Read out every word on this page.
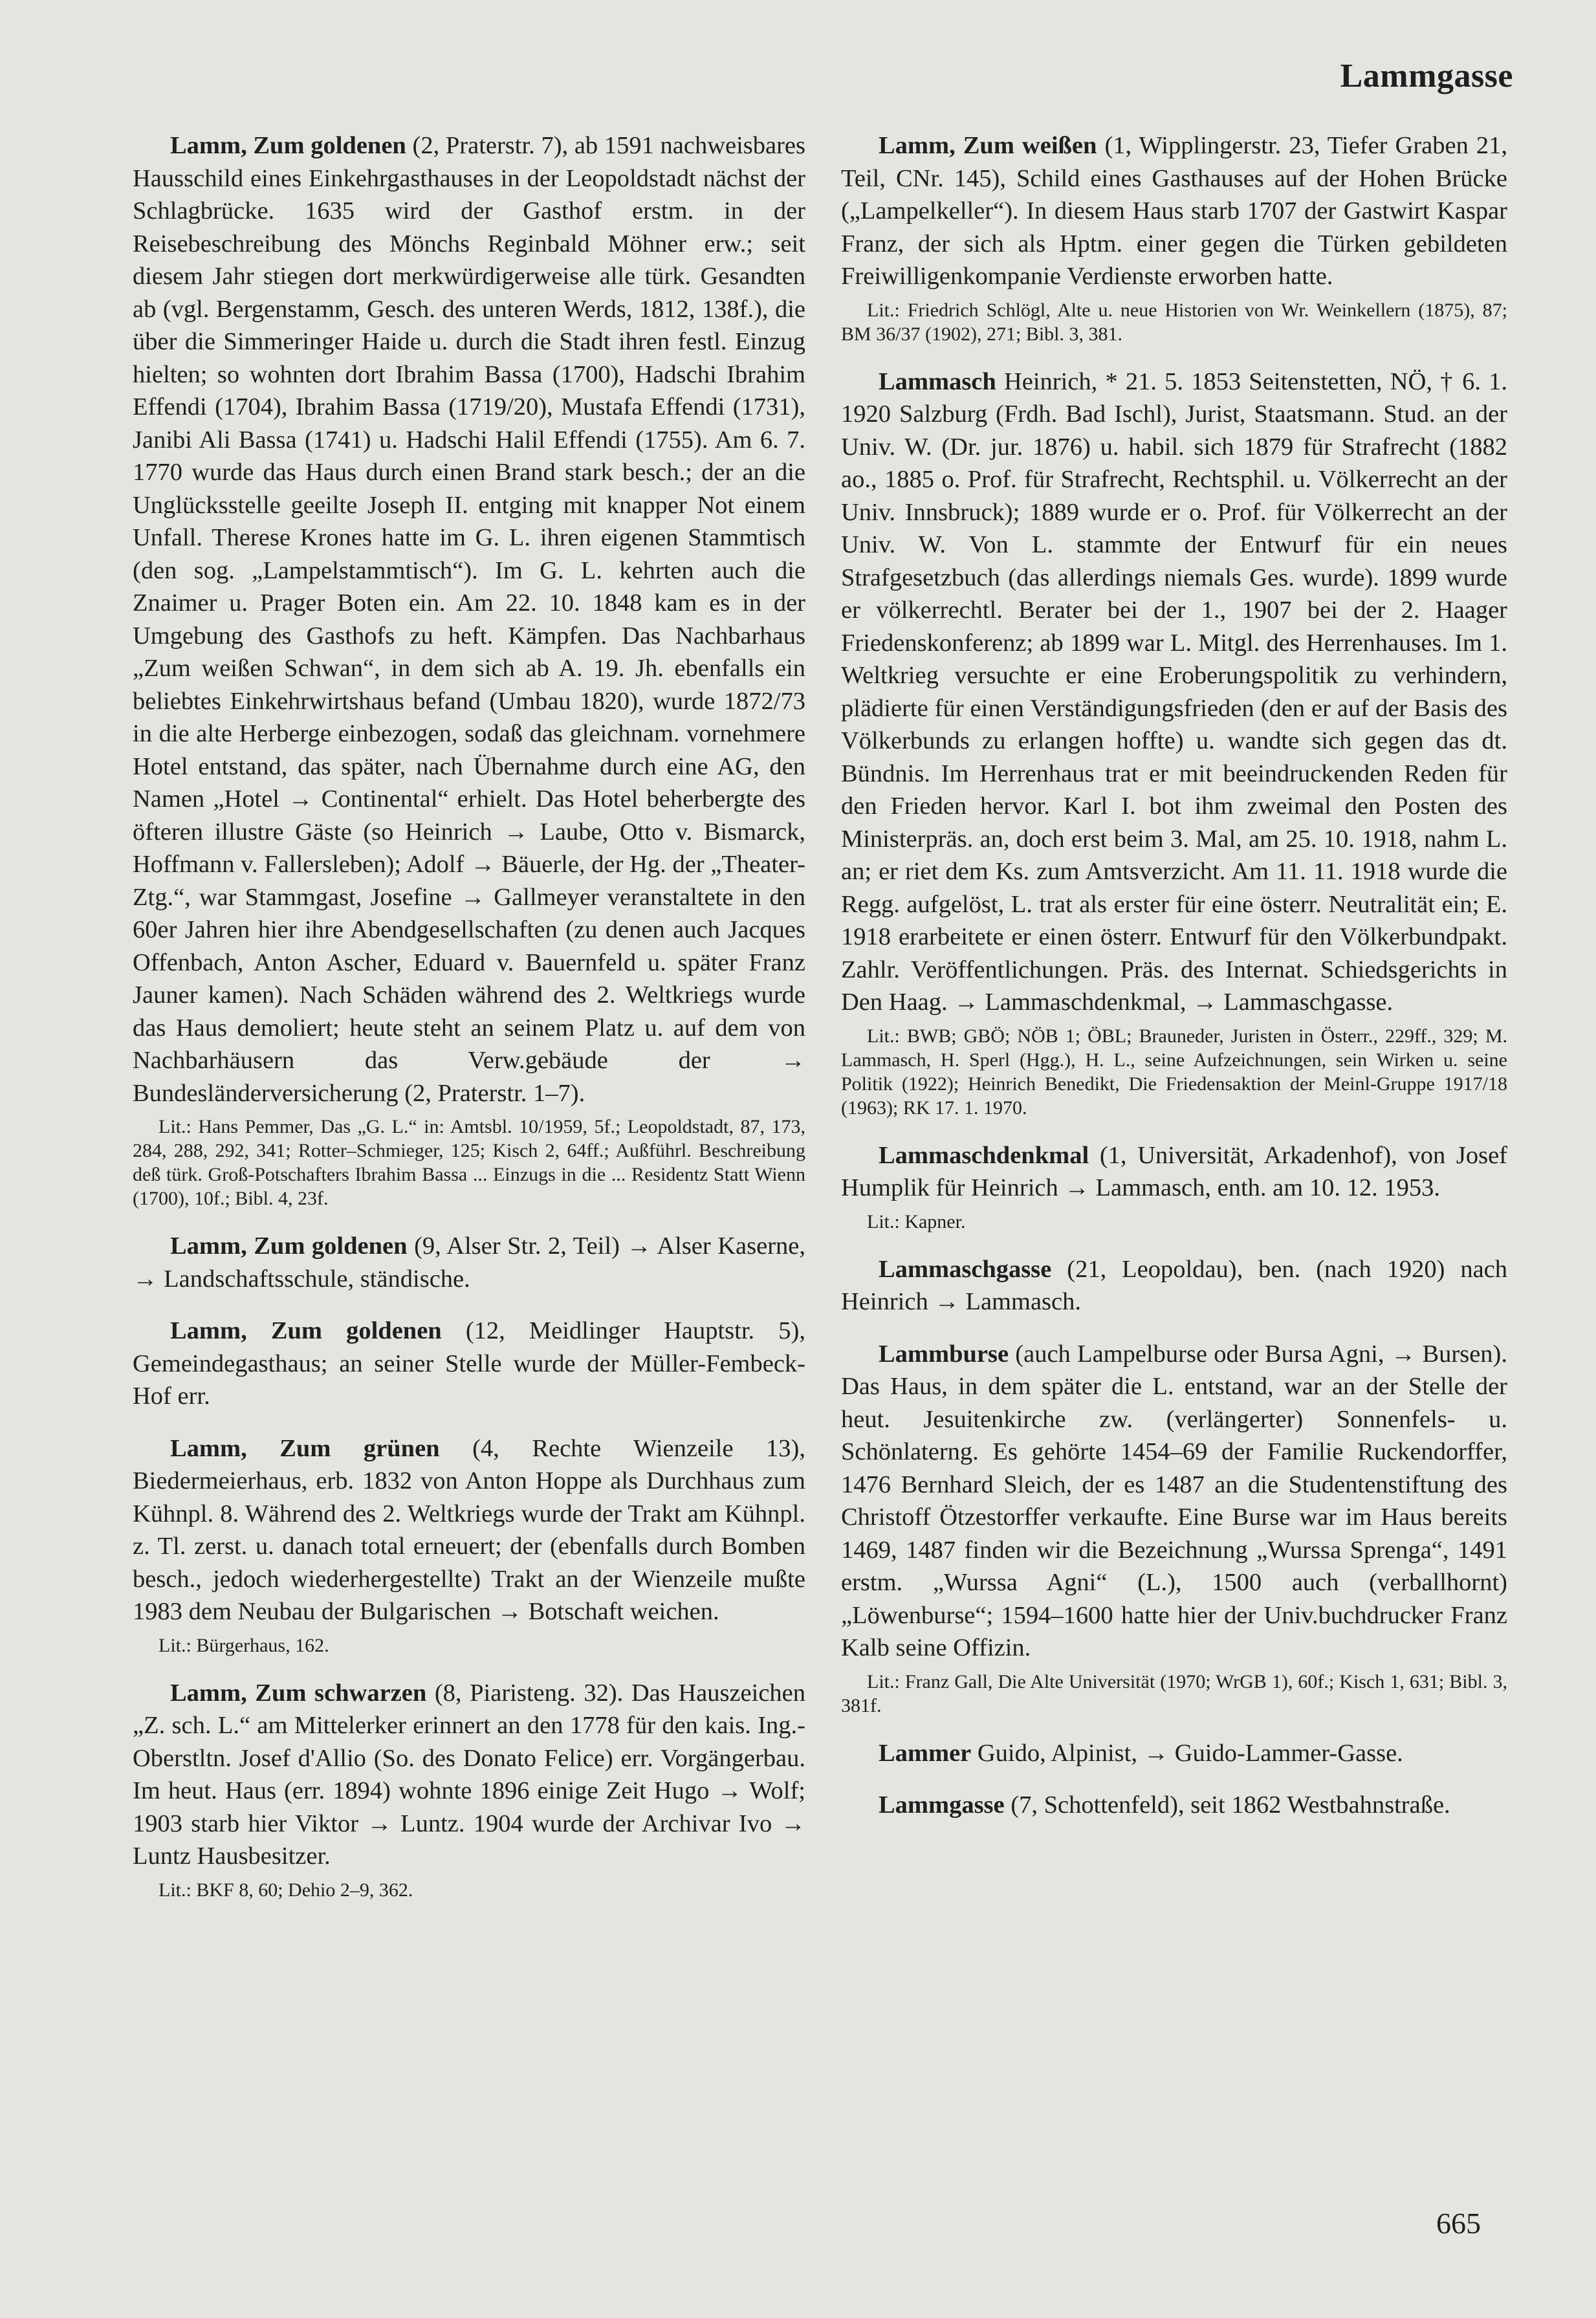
Lammgasse

Lamm, Zum goldenen (2, Praterstr. 7), ab 1591 nachweisbares Hausschild eines Einkehrgasthauses in der Leopoldstadt nächst der Schlagbrücke. 1635 wird der Gasthof erstm. in der Reisebeschreibung des Mönchs Reginbald Möhner erw.; seit diesem Jahr stiegen dort merkwürdigerweise alle türk. Gesandten ab (vgl. Bergenstamm, Gesch. des unteren Werds, 1812, 138f.), die über die Simmeringer Haide u. durch die Stadt ihren festl. Einzug hielten; so wohnten dort Ibrahim Bassa (1700), Hadschi Ibrahim Effendi (1704), Ibrahim Bassa (1719/20), Mustafa Effendi (1731), Janibi Ali Bassa (1741) u. Hadschi Halil Effendi (1755). Am 6. 7. 1770 wurde das Haus durch einen Brand stark besch.; der an die Unglücksstelle geeilte Joseph II. entging mit knapper Not einem Unfall. Therese Krones hatte im G. L. ihren eigenen Stammtisch (den sog. „Lampelstammtisch“). Im G. L. kehrten auch die Znaimer u. Prager Boten ein. Am 22. 10. 1848 kam es in der Umgebung des Gasthofs zu heft. Kämpfen. Das Nachbarhaus „Zum weißen Schwan“, in dem sich ab A. 19. Jh. ebenfalls ein beliebtes Einkehrwirtshaus befand (Umbau 1820), wurde 1872/73 in die alte Herberge einbezogen, sodaß das gleichnam. vornehmere Hotel entstand, das später, nach Übernahme durch eine AG, den Namen „Hotel → Continental“ erhielt. Das Hotel beherbergte des öfteren illustre Gäste (so Heinrich → Laube, Otto v. Bismarck, Hoffmann v. Fallersleben); Adolf → Bäuerle, der Hg. der „Theater-Ztg.“, war Stammgast, Josefine → Gallmeyer veranstaltete in den 60er Jahren hier ihre Abendgesellschaften (zu denen auch Jacques Offenbach, Anton Ascher, Eduard v. Bauernfeld u. später Franz Jauner kamen). Nach Schäden während des 2. Weltkriegs wurde das Haus demoliert; heute steht an seinem Platz u. auf dem von Nachbarhäusern das Verw.gebäude der → Bundesländerversicherung (2, Praterstr. 1–7).

Lit.: Hans Pemmer, Das „G. L.“ in: Amtsbl. 10/1959, 5f.; Leopoldstadt, 87, 173, 284, 288, 292, 341; Rotter–Schmieger, 125; Kisch 2, 64ff.; Außführl. Beschreibung deß türk. Groß-Potschafters Ibrahim Bassa ... Einzugs in die ... Residentz Statt Wienn (1700), 10f.; Bibl. 4, 23f.

Lamm, Zum goldenen (9, Alser Str. 2, Teil) → Alser Kaserne, → Landschaftsschule, ständische.

Lamm, Zum goldenen (12, Meidlinger Hauptstr. 5), Gemeindegasthaus; an seiner Stelle wurde der Müller-Fembeck-Hof err.

Lamm, Zum grünen (4, Rechte Wienzeile 13), Biedermeierhaus, erb. 1832 von Anton Hoppe als Durchhaus zum Kühnpl. 8. Während des 2. Weltkriegs wurde der Trakt am Kühnpl. z. Tl. zerst. u. danach total erneuert; der (ebenfalls durch Bomben besch., jedoch wiederhergestellte) Trakt an der Wienzeile mußte 1983 dem Neubau der Bulgarischen → Botschaft weichen.

Lit.: Bürgerhaus, 162.

Lamm, Zum schwarzen (8, Piaristeng. 32). Das Hauszeichen „Z. sch. L.“ am Mittelerker erinnert an den 1778 für den kais. Ing.-Oberstltn. Josef d'Allio (So. des Donato Felice) err. Vorgängerbau. Im heut. Haus (err. 1894) wohnte 1896 einige Zeit Hugo → Wolf; 1903 starb hier Viktor → Luntz. 1904 wurde der Archivar Ivo → Luntz Hausbesitzer.

Lit.: BKF 8, 60; Dehio 2–9, 362.

Lamm, Zum weißen (1, Wipplingerstr. 23, Tiefer Graben 21, Teil, CNr. 145), Schild eines Gasthauses auf der Hohen Brücke („Lampelkeller“). In diesem Haus starb 1707 der Gastwirt Kaspar Franz, der sich als Hptm. einer gegen die Türken gebildeten Freiwilligenkompanie Verdienste erworben hatte.

Lit.: Friedrich Schlögl, Alte u. neue Historien von Wr. Weinkellern (1875), 87; BM 36/37 (1902), 271; Bibl. 3, 381.

Lammasch Heinrich, * 21. 5. 1853 Seitenstetten, NÖ, † 6. 1. 1920 Salzburg (Frdh. Bad Ischl), Jurist, Staatsmann. Stud. an der Univ. W. (Dr. jur. 1876) u. habil. sich 1879 für Strafrecht (1882 ao., 1885 o. Prof. für Strafrecht, Rechtsphil. u. Völkerrecht an der Univ. Innsbruck); 1889 wurde er o. Prof. für Völkerrecht an der Univ. W. Von L. stammte der Entwurf für ein neues Strafgesetzbuch (das allerdings niemals Ges. wurde). 1899 wurde er völkerrechtl. Berater bei der 1., 1907 bei der 2. Haager Friedenskonferenz; ab 1899 war L. Mitgl. des Herrenhauses. Im 1. Weltkrieg versuchte er eine Eroberungspolitik zu verhindern, plädierte für einen Verständigungsfrieden (den er auf der Basis des Völkerbunds zu erlangen hoffte) u. wandte sich gegen das dt. Bündnis. Im Herrenhaus trat er mit beeindruckenden Reden für den Frieden hervor. Karl I. bot ihm zweimal den Posten des Ministerpräs. an, doch erst beim 3. Mal, am 25. 10. 1918, nahm L. an; er riet dem Ks. zum Amtsverzicht. Am 11. 11. 1918 wurde die Regg. aufgelöst, L. trat als erster für eine österr. Neutralität ein; E. 1918 erarbeitete er einen österr. Entwurf für den Völkerbundpakt. Zahlr. Veröffentlichungen. Präs. des Internat. Schiedsgerichts in Den Haag. → Lammaschdenkmal, → Lammaschgasse.

Lit.: BWB; GBÖ; NÖB 1; ÖBL; Brauneder, Juristen in Österr., 229ff., 329; M. Lammasch, H. Sperl (Hgg.), H. L., seine Aufzeichnungen, sein Wirken u. seine Politik (1922); Heinrich Benedikt, Die Friedensaktion der Meinl-Gruppe 1917/18 (1963); RK 17. 1. 1970.

Lammaschdenkmal (1, Universität, Arkadenhof), von Josef Humplik für Heinrich → Lammasch, enth. am 10. 12. 1953.

Lit.: Kapner.

Lammaschgasse (21, Leopoldau), ben. (nach 1920) nach Heinrich → Lammasch.

Lammburse (auch Lampelburse oder Bursa Agni, → Bursen). Das Haus, in dem später die L. entstand, war an der Stelle der heut. Jesuitenkirche zw. (verlängerter) Sonnenfels- u. Schönlaterng. Es gehörte 1454–69 der Familie Ruckendorffer, 1476 Bernhard Sleich, der es 1487 an die Studentenstiftung des Christoff Ötzestorffer verkaufte. Eine Burse war im Haus bereits 1469, 1487 finden wir die Bezeichnung „Wurssa Sprenga“, 1491 erstm. „Wurssa Agni“ (L.), 1500 auch (verballhornt) „Löwenburse“; 1594–1600 hatte hier der Univ.buchdrucker Franz Kalb seine Offizin.

Lit.: Franz Gall, Die Alte Universität (1970; WrGB 1), 60f.; Kisch 1, 631; Bibl. 3, 381f.

Lammer Guido, Alpinist, → Guido-Lammer-Gasse.

Lammgasse (7, Schottenfeld), seit 1862 Westbahnstraße.

665
